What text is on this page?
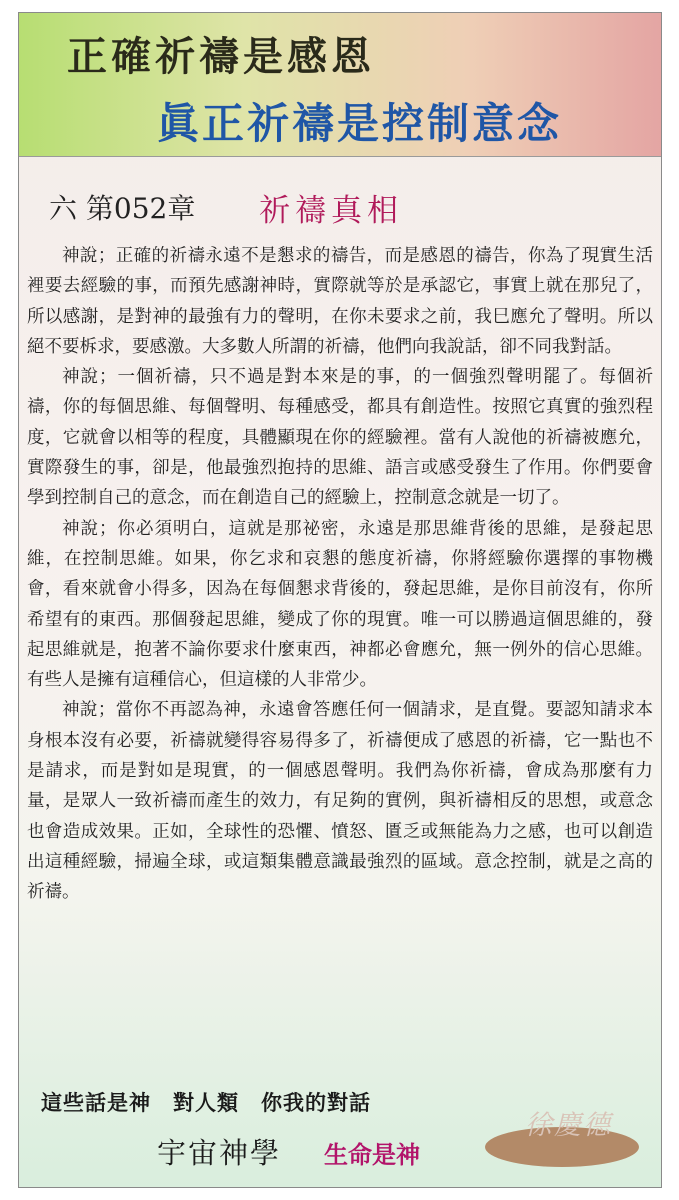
正確祈禱是感恩
眞正祈禱是控制意念
六 第052章 祈禱真相

神說；正確的祈禱永遠不是懇求的禱告，而是感恩的禱告，你為了現實生活裡要去經驗的事，而預先感謝神時，實際就等於是承認它，事實上就在那兒了，所以感謝，是對神的最強有力的聲明，在你未要求之前，我巳應允了聲明。所以絕不要柝求，要感激。大多數人所謂的祈禱，他們向我說話，卻不同我對話。

神說；一個祈禱，只不過是對本來是的事，的一個強烈聲明罷了。每個祈禱，你的每個思維、每個聲明、每種感受，都具有創造性。按照它真實的強烈程度，它就會以相等的程度，具體顯現在你的經驗裡。當有人說他的祈禱被應允，實際發生的事，卻是，他最強烈抱持的思維、語言或感受發生了作用。你們要會學到控制自己的意念，而在創造自己的經驗上，控制意念就是一切了。

神說；你必須明白，這就是那祕密，永遠是那思維背後的思維，是發起思維，在控制思維。如果，你乞求和哀懇的態度祈禱，你將經驗你選擇的事物機會，看來就會小得多，因為在每個懇求背後的，發起思維，是你目前沒有，你所希望有的東西。那個發起思維，變成了你的現實。唯一可以勝過這個思維的，發起思維就是，抱著不論你要求什麼東西，神都必會應允，無一例外的信心思維。有些人是擁有這種信心，但這樣的人非常少。

神說；當你不再認為神，永遠會答應任何一個請求，是直覺。要認知請求本身根本沒有必要，祈禱就變得容易得多了，祈禱便成了感恩的祈禱，它一點也不是請求，而是對如是現實，的一個感恩聲明。我們為你祈禱，會成為那麼有力量，是眾人一致祈禱而產生的效力，有足夠的實例，與祈禱相反的思想，或意念也會造成效果。正如，全球性的恐懼、憤怒、匱乏或無能為力之感，也可以創造出這種經驗，掃遍全球，或這類集體意識最強烈的區域。意念控制，就是之高的祈禱。

這些話是神　對人類　你我的對話
宇宙神學 生命是神
徐慶德
